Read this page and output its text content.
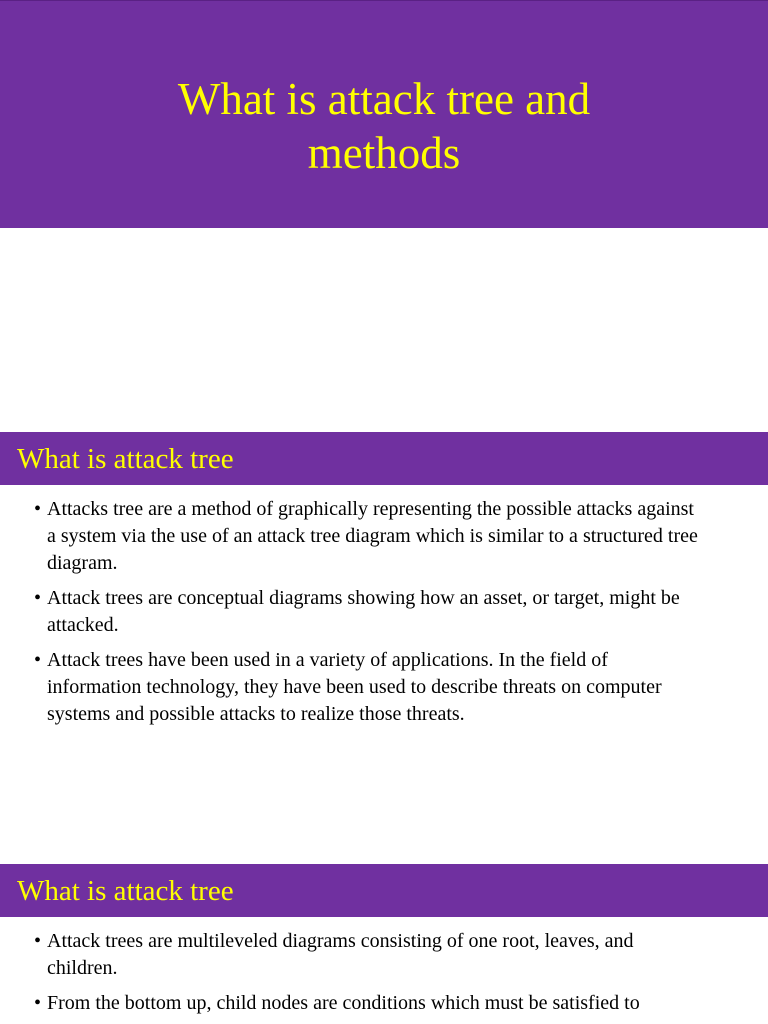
What is attack tree and methods
What is attack tree
• Attacks tree are a method of graphically representing the possible attacks against a system via the use of an attack tree diagram which is similar to a structured tree diagram.
• Attack trees are conceptual diagrams showing how an asset, or target, might be attacked.
• Attack trees have been used in a variety of applications. In the field of information technology, they have been used to describe threats on computer systems and possible attacks to realize those threats.
What is attack tree
• Attack trees are multileveled diagrams consisting of one root, leaves, and children.
• From the bottom up, child nodes are conditions which must be satisfied to
